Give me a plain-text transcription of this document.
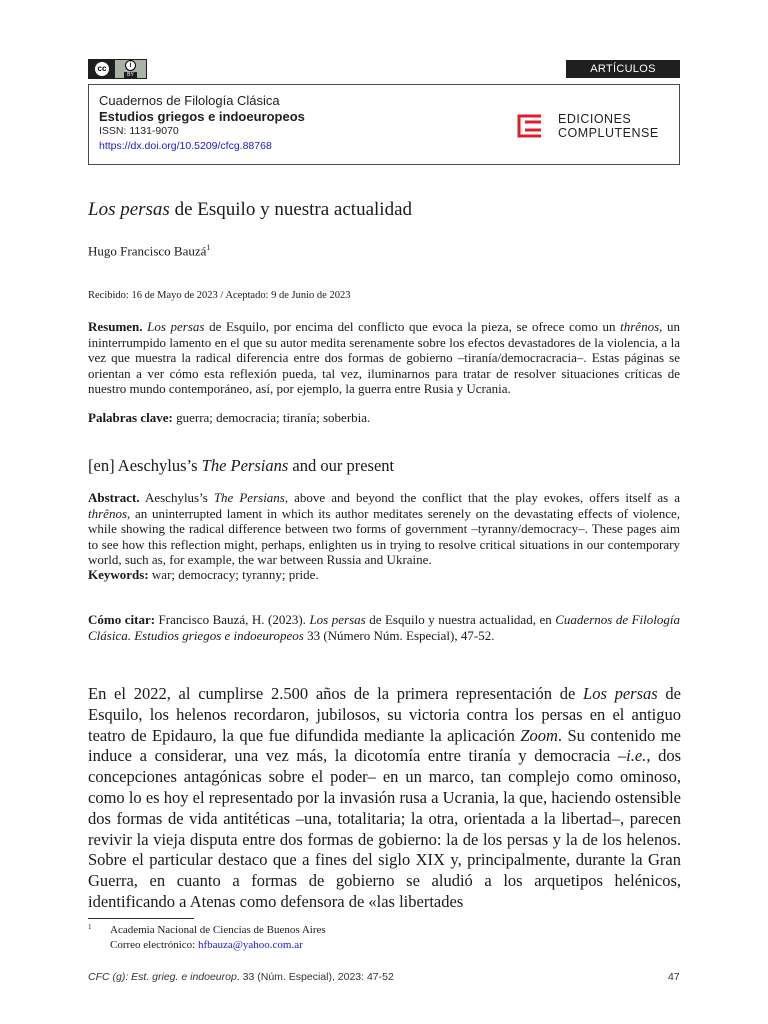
cc	i
BY	ARTÍCULOS
Cuadernos de Filología Clásica
Estudios griegos e indoeuropeos
ISSN: 1131-9070
https://dx.doi.org/10.5209/cfcg.88768
EDICIONES
COMPLUTENSE
Los persas de Esquilo y nuestra actualidad
Hugo Francisco Bauzá$^1$
Recibido: 16 de Mayo de 2023 / Aceptado: 9 de Junio de 2023
Resumen. Los persas de Esquilo, por encima del conflicto que evoca la pieza, se ofrece como un thrênos, un ininterrumpido lamento en el que su autor medita serenamente sobre los efectos devastadores de la violencia, a la vez que muestra la radical diferencia entre dos formas de gobierno –tiranía/democracracia–. Estas páginas se orientan a ver cómo esta reflexión pueda, tal vez, iluminarnos para tratar de resolver situaciones críticas de nuestro mundo contemporáneo, así, por ejemplo, la guerra entre Rusia y Ucrania.
Palabras clave: guerra; democracia; tiranía; soberbia.
[en] Aeschylus’s The Persians and our present
Abstract. Aeschylus’s The Persians, above and beyond the conflict that the play evokes, offers itself as a thrênos, an uninterrupted lament in which its author meditates serenely on the devastating effects of violence, while showing the radical difference between two forms of government –tyranny/democracy–. These pages aim to see how this reflection might, perhaps, enlighten us in trying to resolve critical situations in our contemporary world, such as, for example, the war between Russia and Ukraine.
Keywords: war; democracy; tyranny; pride.
Cómo citar: Francisco Bauzá, H. (2023). Los persas de Esquilo y nuestra actualidad, en Cuadernos de Filología Clásica. Estudios griegos e indoeuropeos 33 (Número Núm. Especial), 47-52.
En el 2022, al cumplirse 2.500 años de la primera representación de Los persas de Esquilo, los helenos recordaron, jubilosos, su victoria contra los persas en el antiguo teatro de Epidauro, la que fue difundida mediante la aplicación Zoom. Su contenido me induce a considerar, una vez más, la dicotomía entre tiranía y democracia –i.e., dos concepciones antagónicas sobre el poder– en un marco, tan complejo como ominoso, como lo es hoy el representado por la invasión rusa a Ucrania, la que, haciendo ostensible dos formas de vida antitéticas –una, totalitaria; la otra, orientada a la libertad–, parecen revivir la vieja disputa entre dos formas de gobierno: la de los persas y la de los helenos. Sobre el particular destaco que a fines del siglo XIX y, principalmente, durante la Gran Guerra, en cuanto a formas de gobierno se aludió a los arquetipos helénicos, identificando a Atenas como defensora de «las libertades
1 Academia Nacional de Ciencias de Buenos Aires
Correo electrónico: hfbauza@yahoo.com.ar
CFC (g): Est. grieg. e indoeurop. 33 (Núm. Especial), 2023: 47-52	47
